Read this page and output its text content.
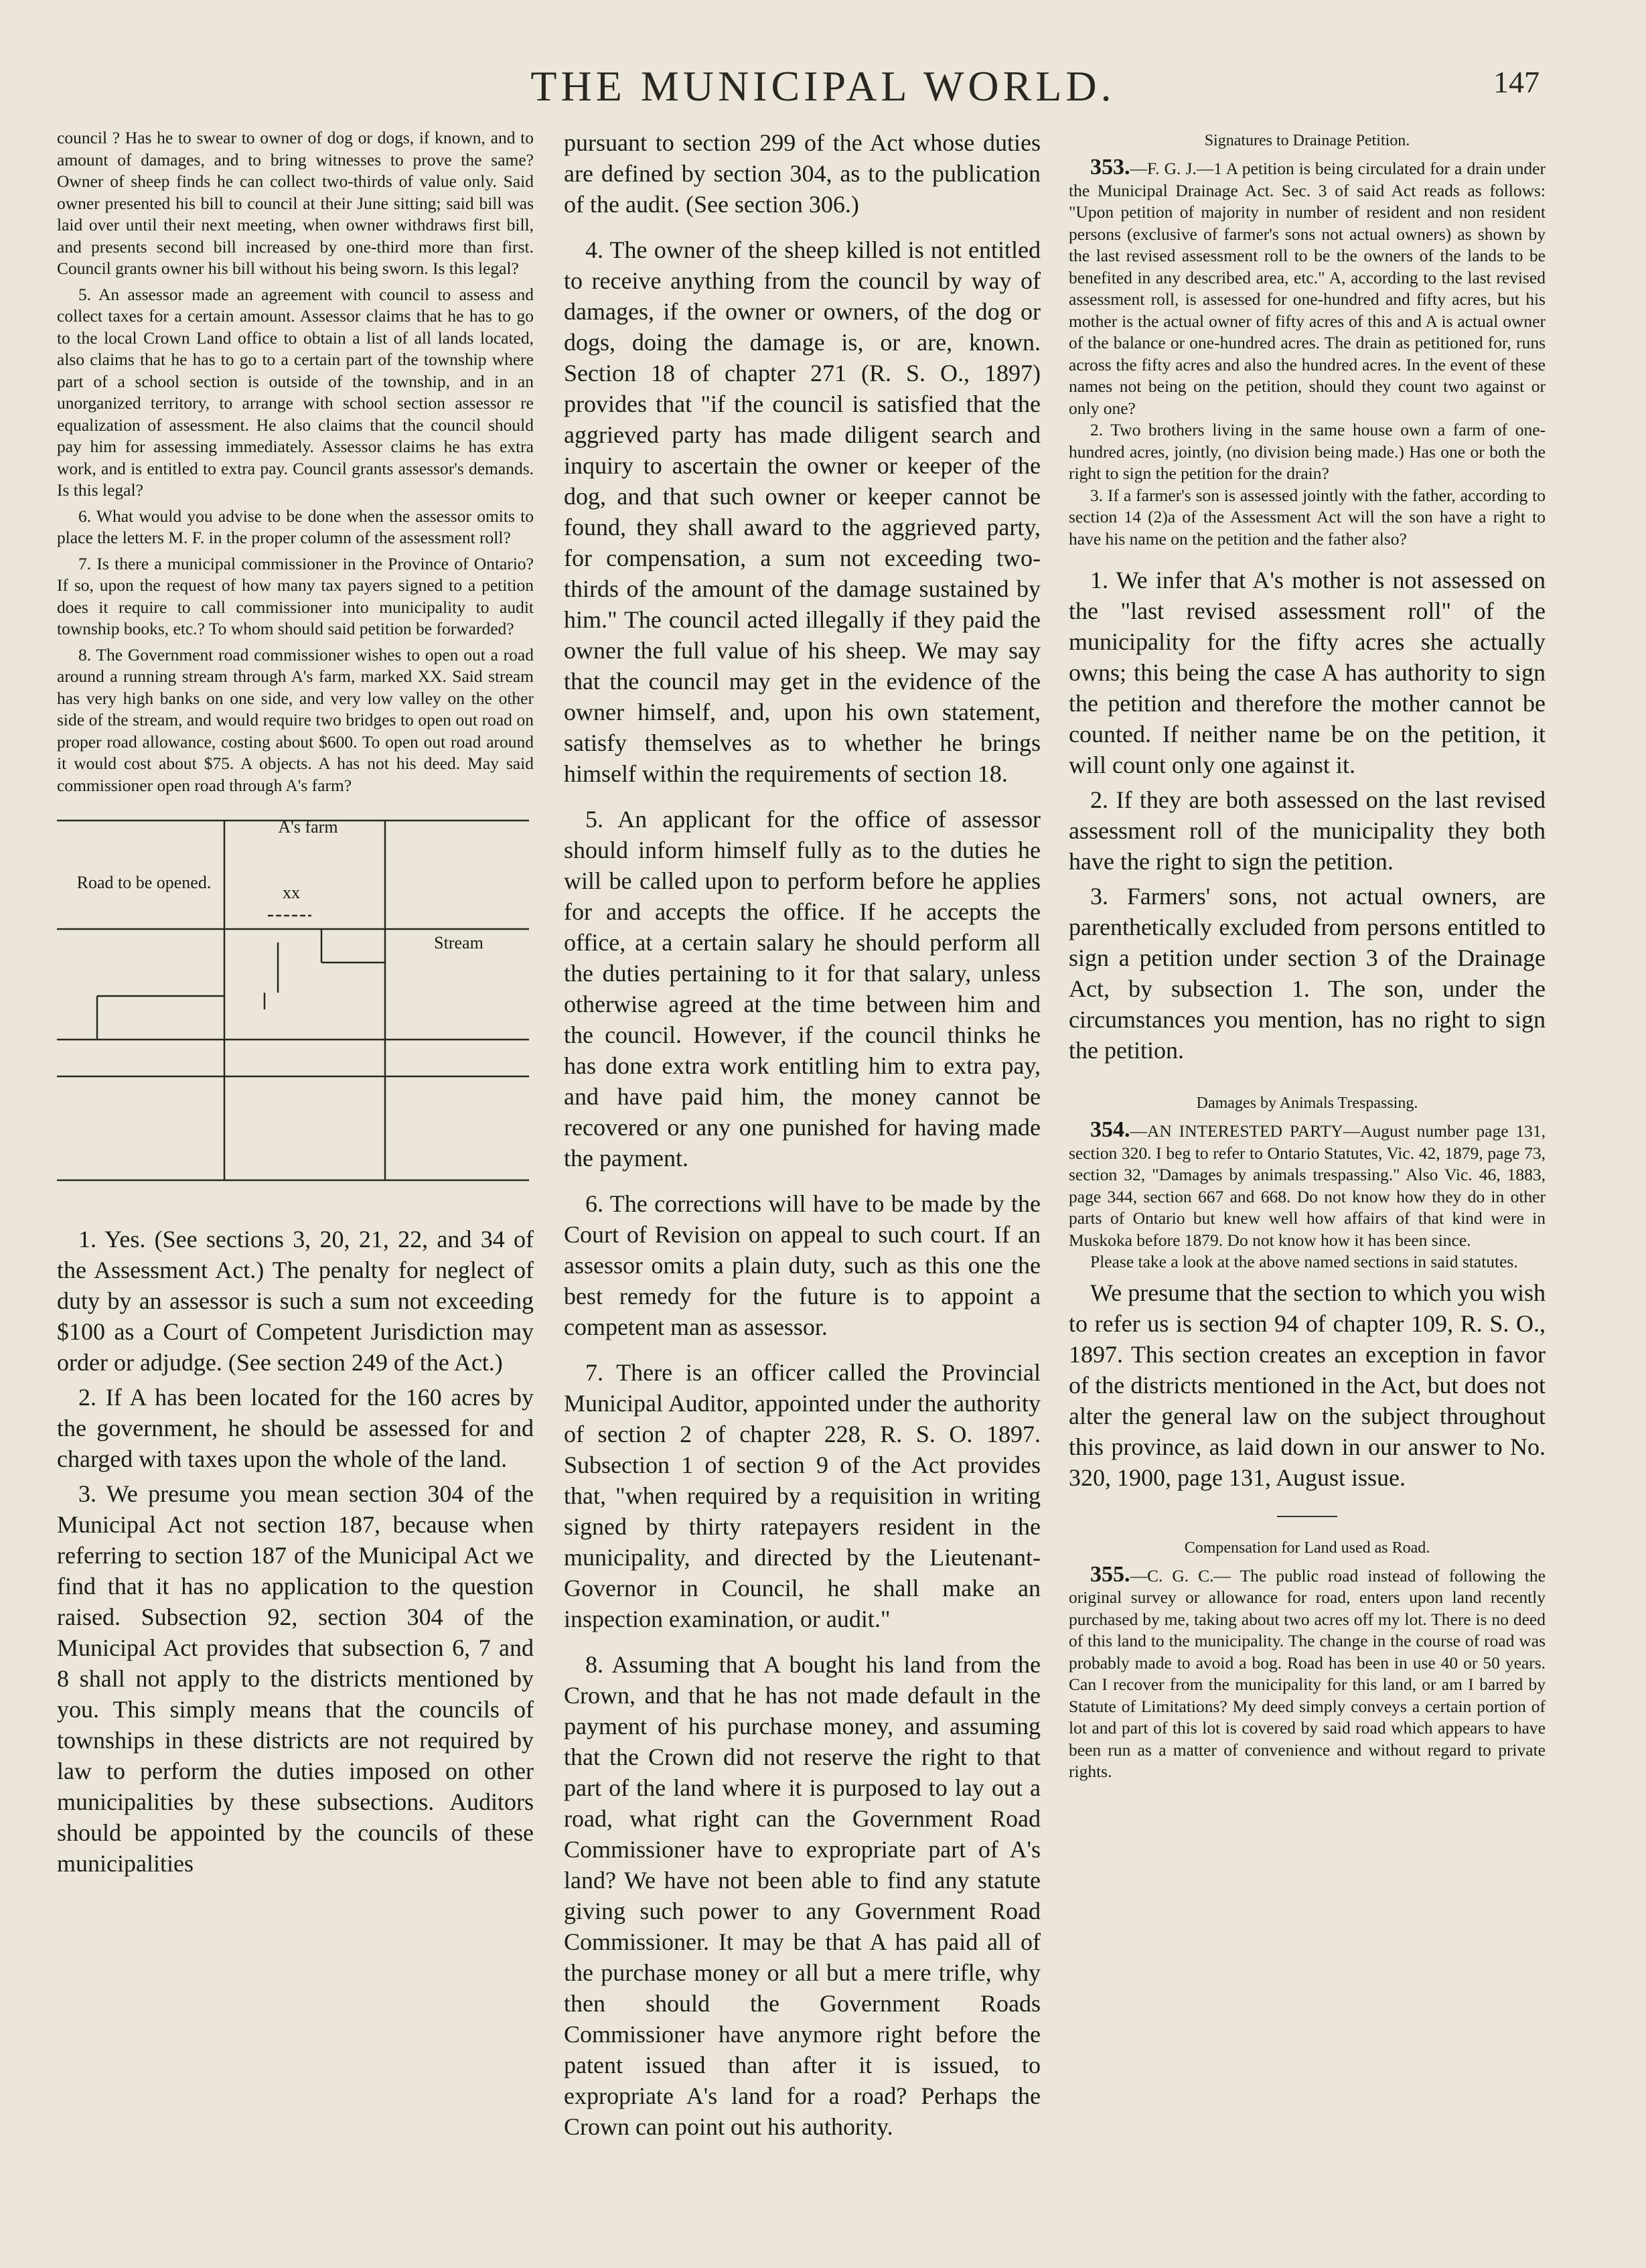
THE MUNICIPAL WORLD.	147

council ? Has he to swear to owner of dog or dogs, if known, and to amount of damages, and to bring witnesses to prove the same? Owner of sheep finds he can collect two-thirds of value only. Said owner presented his bill to council at their June sitting; said bill was laid over until their next meeting, when owner withdraws first bill, and presents second bill increased by one-third more than first. Council grants owner his bill without his being sworn. Is this legal?

5. An assessor made an agreement with council to assess and collect taxes for a certain amount. Assessor claims that he has to go to the local Crown Land office to obtain a list of all lands located, also claims that he has to go to a certain part of the township where part of a school section is outside of the township, and in an unorganized territory, to arrange with school section assessor re equalization of assessment. He also claims that the council should pay him for assessing immediately. Assessor claims he has extra work, and is entitled to extra pay. Council grants assessor's demands. Is this legal?

6. What would you advise to be done when the assessor omits to place the letters M. F. in the proper column of the assessment roll?

7. Is there a municipal commissioner in the Province of Ontario? If so, upon the request of how many tax payers signed to a petition does it require to call commissioner into municipality to audit township books, etc.? To whom should said petition be forwarded?

8. The Government road commissioner wishes to open out a road around a running stream through A's farm, marked XX. Said stream has very high banks on one side, and very low valley on the other side of the stream, and would require two bridges to open out road on proper road allowance, costing about $600. To open out road around it would cost about $75. A objects. A has not his deed. May said commissioner open road through A's farm?

A's farm
Road to be opened.
xx
Stream

1. Yes. (See sections 3, 20, 21, 22, and 34 of the Assessment Act.) The penalty for neglect of duty by an assessor is such a sum not exceeding $100 as a Court of Competent Jurisdiction may order or adjudge. (See section 249 of the Act.)

2. If A has been located for the 160 acres by the government, he should be assessed for and charged with taxes upon the whole of the land.

3. We presume you mean section 304 of the Municipal Act not section 187, because when referring to section 187 of the Municipal Act we find that it has no application to the question raised. Subsection 92, section 304 of the Municipal Act provides that subsection 6, 7 and 8 shall not apply to the districts mentioned by you. This simply means that the councils of townships in these districts are not required by law to perform the duties imposed on other municipalities by these subsections. Auditors should be appointed by the councils of these municipalities

pursuant to section 299 of the Act whose duties are defined by section 304, as to the publication of the audit. (See section 306.)

4. The owner of the sheep killed is not entitled to receive anything from the council by way of damages, if the owner or owners, of the dog or dogs, doing the damage is, or are, known. Section 18 of chapter 271 (R. S. O., 1897) provides that "if the council is satisfied that the aggrieved party has made diligent search and inquiry to ascertain the owner or keeper of the dog, and that such owner or keeper cannot be found, they shall award to the aggrieved party, for compensation, a sum not exceeding two-thirds of the amount of the damage sustained by him." The council acted illegally if they paid the owner the full value of his sheep. We may say that the council may get in the evidence of the owner himself, and, upon his own statement, satisfy themselves as to whether he brings himself within the requirements of section 18.

5. An applicant for the office of assessor should inform himself fully as to the duties he will be called upon to perform before he applies for and accepts the office. If he accepts the office, at a certain salary he should perform all the duties pertaining to it for that salary, unless otherwise agreed at the time between him and the council. However, if the council thinks he has done extra work entitling him to extra pay, and have paid him, the money cannot be recovered or any one punished for having made the payment.

6. The corrections will have to be made by the Court of Revision on appeal to such court. If an assessor omits a plain duty, such as this one the best remedy for the future is to appoint a competent man as assessor.

7. There is an officer called the Provincial Municipal Auditor, appointed under the authority of section 2 of chapter 228, R. S. O. 1897. Subsection 1 of section 9 of the Act provides that, "when required by a requisition in writing signed by thirty ratepayers resident in the municipality, and directed by the Lieutenant-Governor in Council, he shall make an inspection examination, or audit."

8. Assuming that A bought his land from the Crown, and that he has not made default in the payment of his purchase money, and assuming that the Crown did not reserve the right to that part of the land where it is purposed to lay out a road, what right can the Government Road Commissioner have to expropriate part of A's land? We have not been able to find any statute giving such power to any Government Road Commissioner. It may be that A has paid all of the purchase money or all but a mere trifle, why then should the Government Roads Commissioner have anymore right before the patent issued than after it is issued, to expropriate A's land for a road? Perhaps the Crown can point out his authority.

Signatures to Drainage Petition.

353.—F. G. J.—1 A petition is being circulated for a drain under the Municipal Drainage Act. Sec. 3 of said Act reads as follows: "Upon petition of majority in number of resident and non resident persons (exclusive of farmer's sons not actual owners) as shown by the last revised assessment roll to be the owners of the lands to be benefited in any described area, etc." A, according to the last revised assessment roll, is assessed for one-hundred and fifty acres, but his mother is the actual owner of fifty acres of this and A is actual owner of the balance or one-hundred acres. The drain as petitioned for, runs across the fifty acres and also the hundred acres. In the event of these names not being on the petition, should they count two against or only one?

2. Two brothers living in the same house own a farm of one-hundred acres, jointly, (no division being made.) Has one or both the right to sign the petition for the drain?

3. If a farmer's son is assessed jointly with the father, according to section 14 (2)a of the Assessment Act will the son have a right to have his name on the petition and the father also?

1. We infer that A's mother is not assessed on the "last revised assessment roll" of the municipality for the fifty acres she actually owns; this being the case A has authority to sign the petition and therefore the mother cannot be counted. If neither name be on the petition, it will count only one against it.

2. If they are both assessed on the last revised assessment roll of the municipality they both have the right to sign the petition.

3. Farmers' sons, not actual owners, are parenthetically excluded from persons entitled to sign a petition under section 3 of the Drainage Act, by subsection 1. The son, under the circumstances you mention, has no right to sign the petition.

Damages by Animals Trespassing.

354.—AN INTERESTED PARTY—August number page 131, section 320. I beg to refer to Ontario Statutes, Vic. 42, 1879, page 73, section 32, "Damages by animals trespassing." Also Vic. 46, 1883, page 344, section 667 and 668. Do not know how they do in other parts of Ontario but knew well how affairs of that kind were in Muskoka before 1879. Do not know how it has been since.

Please take a look at the above named sections in said statutes.

We presume that the section to which you wish to refer us is section 94 of chapter 109, R. S. O., 1897. This section creates an exception in favor of the districts mentioned in the Act, but does not alter the general law on the subject throughout this province, as laid down in our answer to No. 320, 1900, page 131, August issue.

Compensation for Land used as Road.

355.—C. G. C.— The public road instead of following the original survey or allowance for road, enters upon land recently purchased by me, taking about two acres off my lot. There is no deed of this land to the municipality. The change in the course of road was probably made to avoid a bog. Road has been in use 40 or 50 years. Can I recover from the municipality for this land, or am I barred by Statute of Limitations? My deed simply conveys a certain portion of lot and part of this lot is covered by said road which appears to have been run as a matter of convenience and without regard to private rights.
